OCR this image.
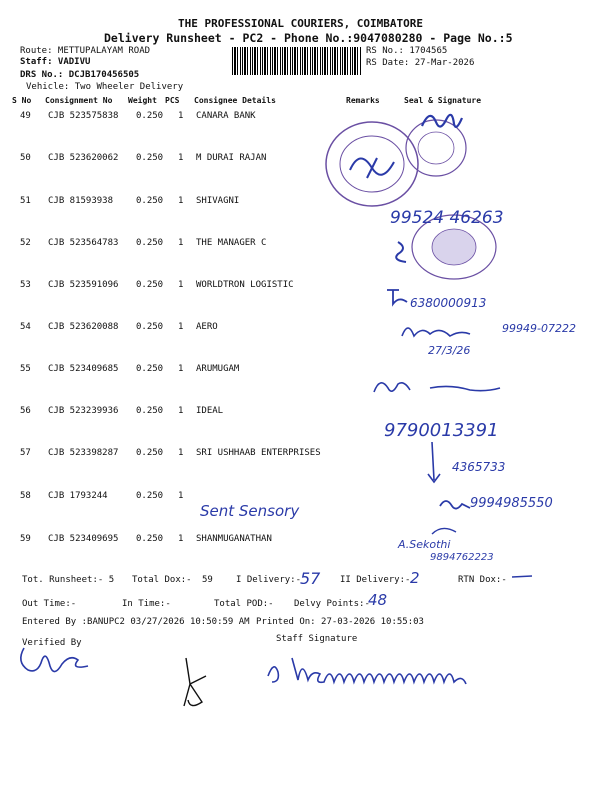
THE PROFESSIONAL COURIERS, COIMBATORE
Delivery Runsheet - PC2 - Phone No.:9047080280 - Page No.:5
Route: METTUPALAYAM ROAD
Staff: VADIVU
DRS No.: DCJB170456505
Vehicle: Two Wheeler Delivery
RS No.: 1704565
RS Date: 27-Mar-2026
S No Consignment No Weight PCS Consignee Details	Remarks	Seal & Signature
49 CJB 523575838 0.250 1 CANARA BANK
50 CJB 523620062 0.250 1 M DURAI RAJAN
51 CJB 81593938	0.250 1 SHIVAGNI
52 CJB 523564783 0.250 1 THE MANAGER C
53 CJB 523591096 0.250 1 WORLDTRON LOGISTIC
54 CJB 523620088 0.250 1 AERO
55 CJB 523409685 0.250 1 ARUMUGAM
56 CJB 523239936 0.250 1 IDEAL
57 CJB 523398287 0.250 1 SRI USHHAAB ENTERPRISES
58 CJB 1793244	0.250 1
59 CJB 523409695 0.250 1 SHANMUGANATHAN
99524 46263
6380000913
99949-07222
27/3/26
9790013391
4365733
Sent Sensory	9994985550
A.Sekothi
9894762223
Tot. Runsheet:- 5 Total Dox:- 59	I Delivery:-
57 II Delivery:- 2	RTN Dox:-
Out Time:-	In Time:-	Total POD:- Delvy Points:-
48
Entered By :BANUPC2 03/27/2026 10:50:59 AM Printed On: 27-03-2026 10:55:03
Verified By	Staff Signature
